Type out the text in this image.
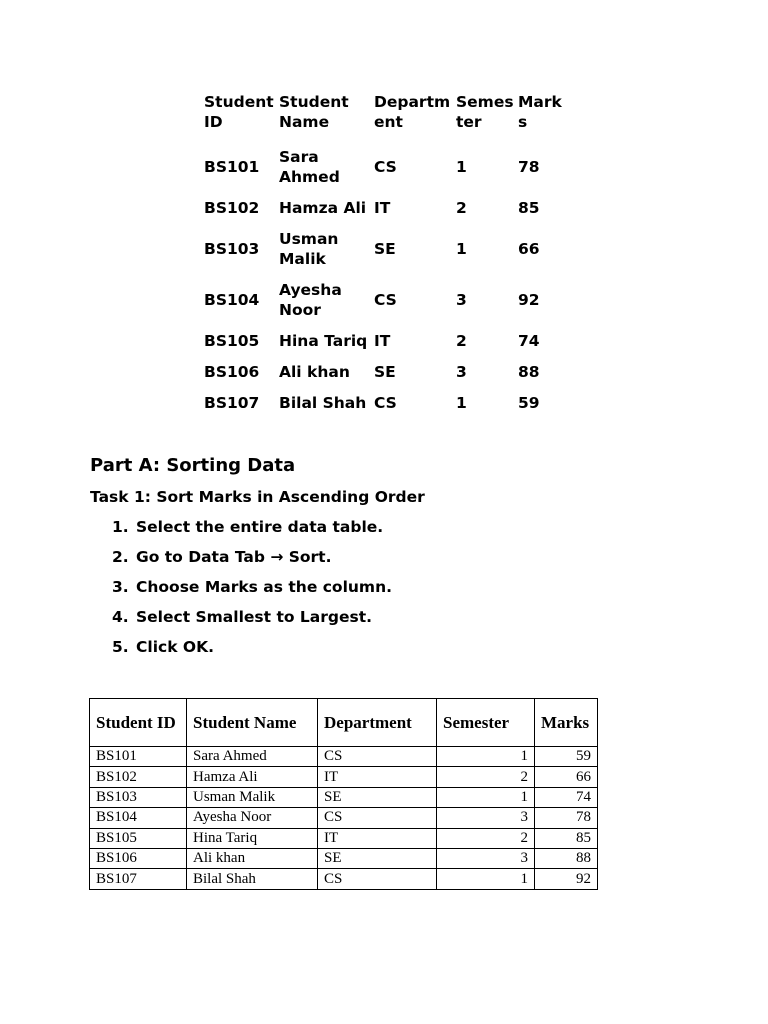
Student ID	Student Name	Department	Semester	Marks
BS101	Sara Ahmed	CS	1	78
BS102	Hamza Ali	IT	2	85
BS103	Usman Malik	SE	1	66
BS104	Ayesha Noor	CS	3	92
BS105	Hina Tariq	IT	2	74
BS106	Ali khan	SE	3	88
BS107	Bilal Shah	CS	1	59
Part A: Sorting Data
Task 1: Sort Marks in Ascending Order
1. Select the entire data table.
2. Go to Data Tab → Sort.
3. Choose Marks as the column.
4. Select Smallest to Largest.
5. Click OK.
Student ID	Student Name	Department	Semester	Marks
BS101	Sara Ahmed	CS	1	59
BS102	Hamza Ali	IT	2	66
BS103	Usman Malik	SE	1	74
BS104	Ayesha Noor	CS	3	78
BS105	Hina Tariq	IT	2	85
BS106	Ali khan	SE	3	88
BS107	Bilal Shah	CS	1	92
